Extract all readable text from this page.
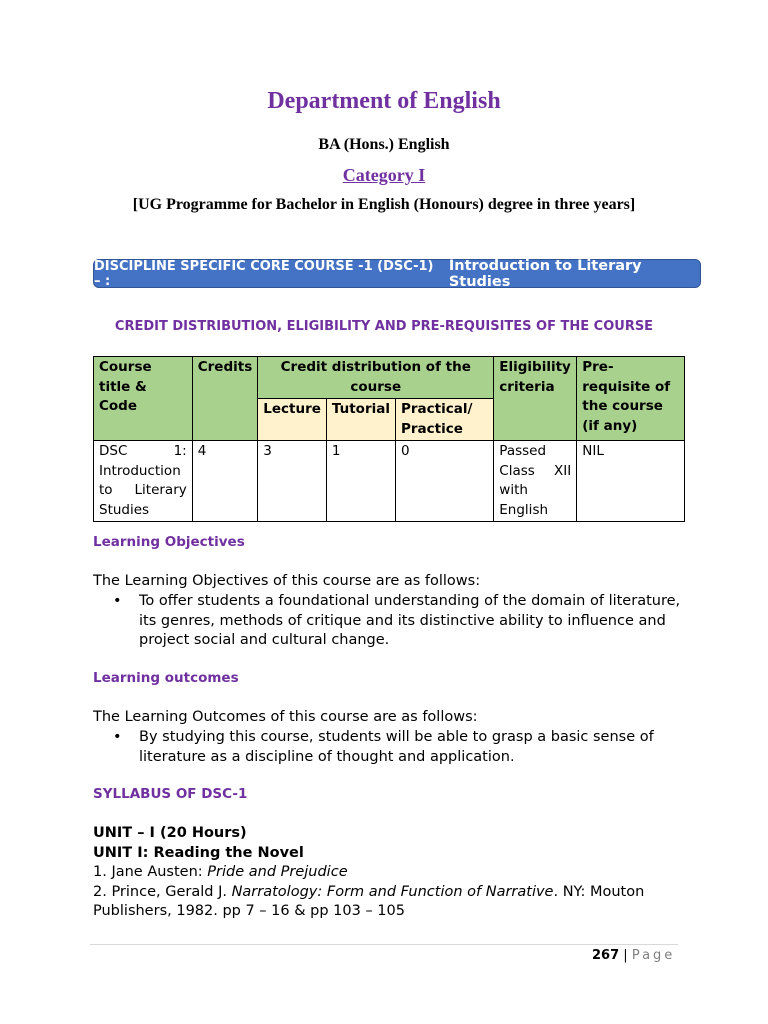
Department of English
BA (Hons.) English
Category I
[UG Programme for Bachelor in English (Honours) degree in three years]
DISCIPLINE SPECIFIC CORE COURSE -1 (DSC-1) – :
Introduction to Literary Studies
CREDIT DISTRIBUTION, ELIGIBILITY AND PRE-REQUISITES OF THE COURSE
Course title & Code	Credits	Credit distribution of the course			Eligibility criteria	Pre-requisite of the course (if any)
		Lecture	Tutorial	Practical/ Practice		
DSC 1: Introduction to Literary Studies	4	3	1	0	Passed Class XII with English	NIL
Learning Objectives
The Learning Objectives of this course are as follows:
•	To offer students a foundational understanding of the domain of literature, its genres, methods of critique and its distinctive ability to influence and project social and cultural change.
Learning outcomes
The Learning Outcomes of this course are as follows:
•	By studying this course, students will be able to grasp a basic sense of literature as a discipline of thought and application.
SYLLABUS OF DSC-1
UNIT – I (20 Hours)
UNIT I: Reading the Novel
1. Jane Austen: Pride and Prejudice
2. Prince, Gerald J. Narratology: Form and Function of Narrative. NY: Mouton
Publishers, 1982. pp 7 – 16 & pp 103 – 105
267 | Page
